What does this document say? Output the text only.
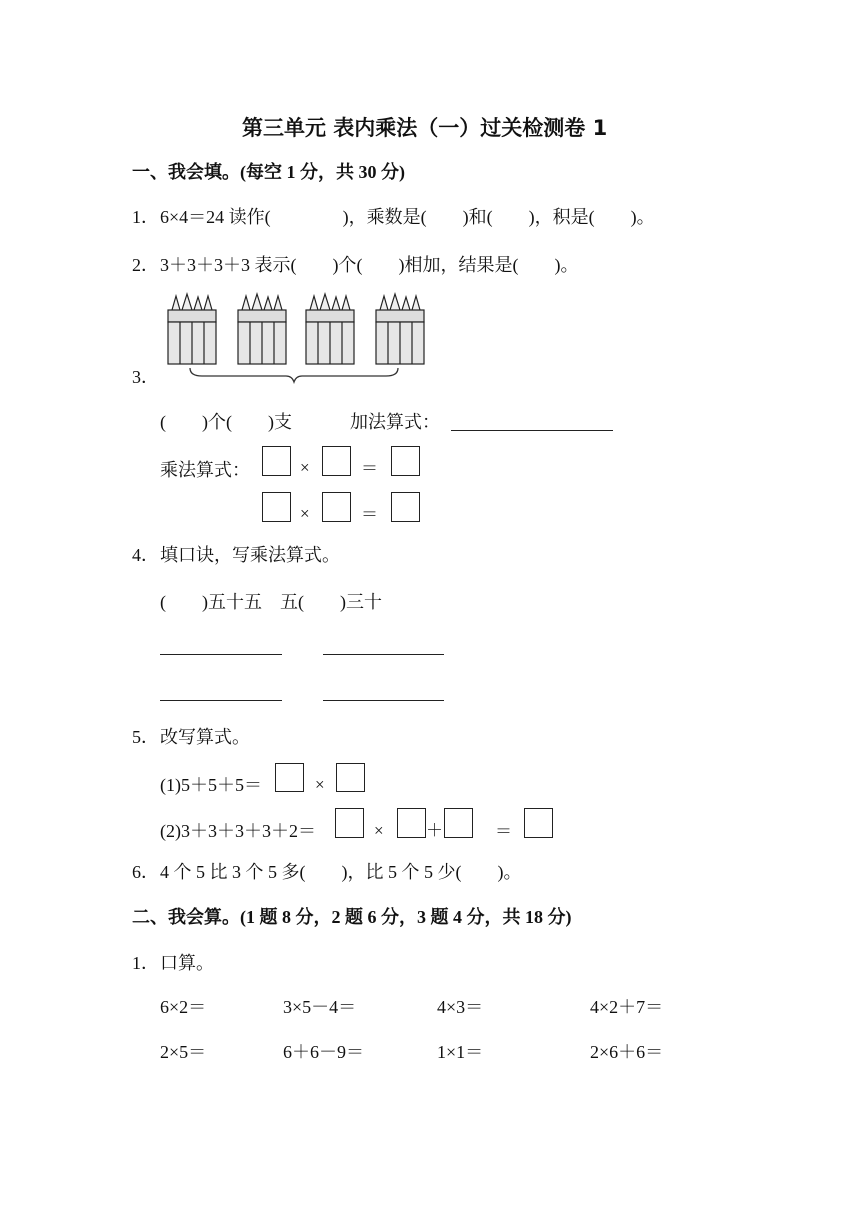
第三单元 表内乘法（一）过关检测卷 1
一、我会填。(每空 1 分，共 30 分)
1． 6×4＝24 读作(　　　　)，乘数是(　　)和(　　)，积是(　　)。
2． 3＋3＋3＋3 表示(　　)个(　　)相加，结果是(　　)。
3．
(　　)个(　　)支	加法算式：
乘法算式：	×	＝
×	＝
4． 填口诀，写乘法算式。
(　　)五十五　五(　　)三十
5． 改写算式。
(1)5＋5＋5＝	×
(2)3＋3＋3＋3＋2＝	× ＋	＝
6． 4 个 5 比 3 个 5 多(　　)，比 5 个 5 少(　　)。
二、我会算。(1 题 8 分，2 题 6 分，3 题 4 分，共 18 分)
1． 口算。
6×2＝	3×5－4＝	4×3＝	4×2＋7＝
2×5＝	6＋6－9＝	1×1＝	2×6＋6＝
